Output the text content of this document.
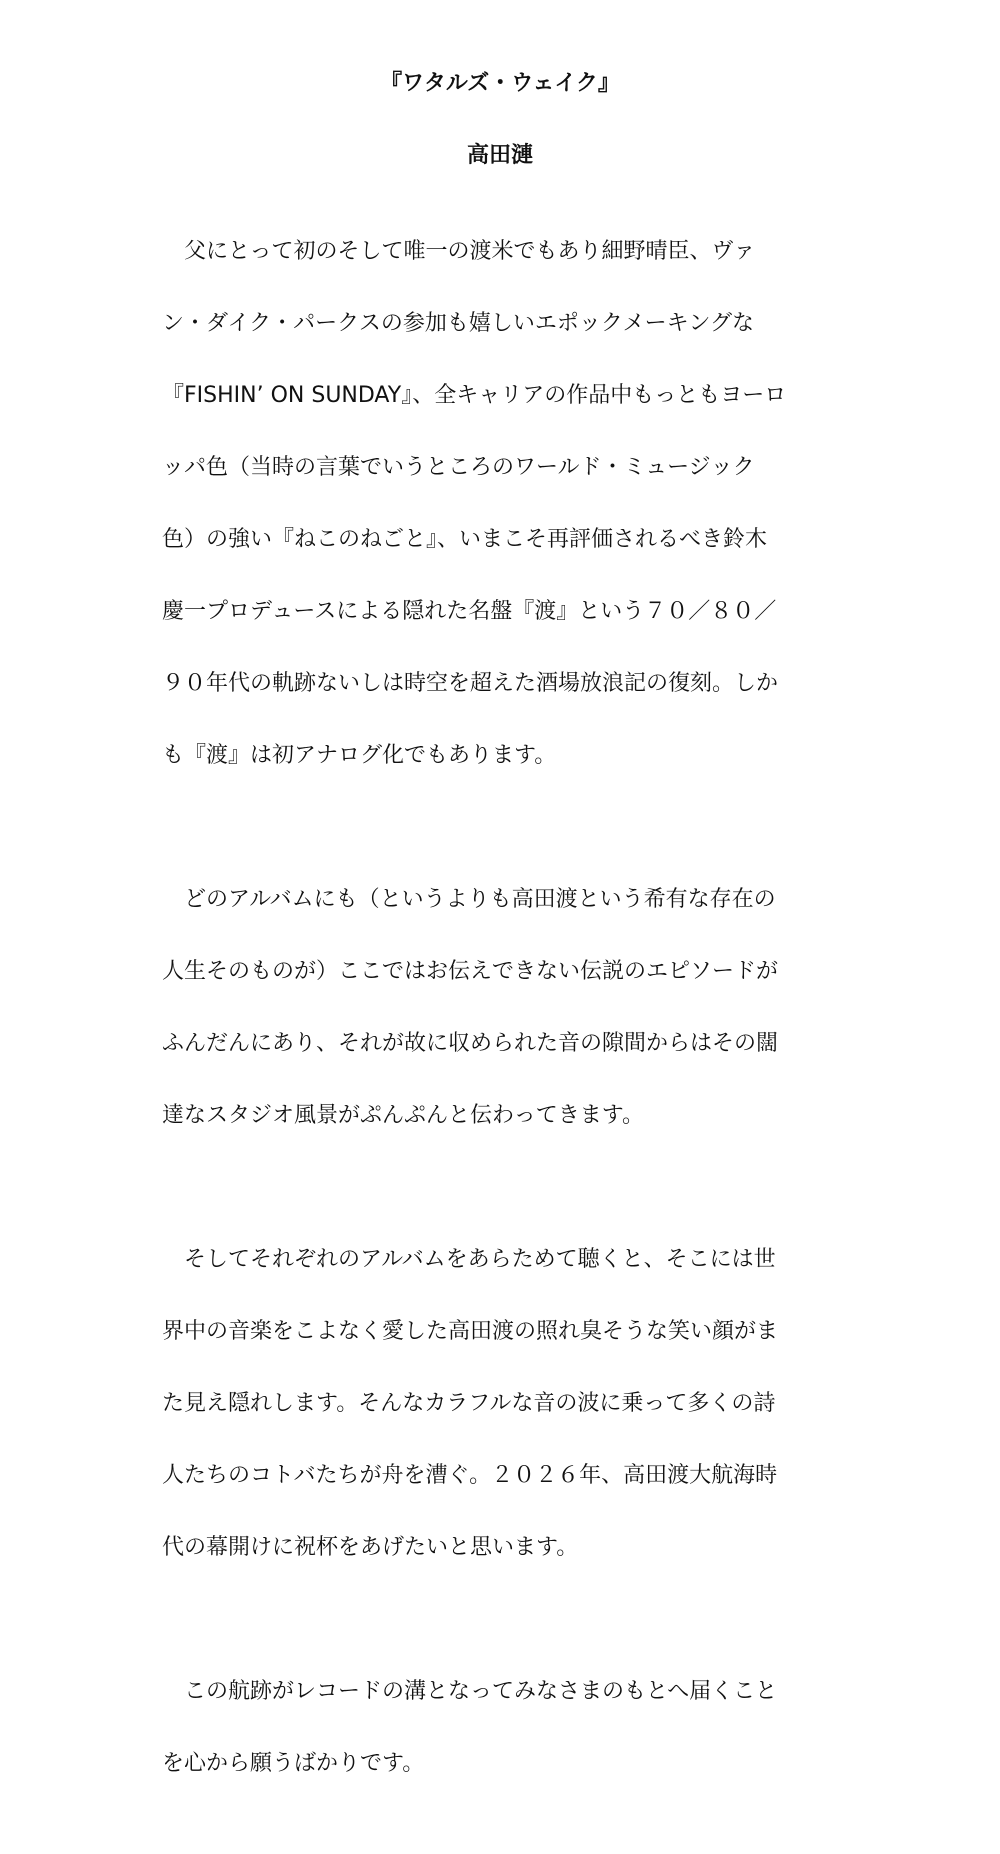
『ワタルズ・ウェイク』
高田漣

　父にとって初のそして唯一の渡米でもあり細野晴臣、ヴァ

ン・ダイク・パークスの参加も嬉しいエポックメーキングな

『FISHIN’ ON SUNDAY』、全キャリアの作品中もっともヨーロ

ッパ色（当時の言葉でいうところのワールド・ミュージック

色）の強い『ねこのねごと』、いまこそ再評価されるべき鈴木

慶一プロデュースによる隠れた名盤『渡』という７０／８０／

９０年代の軌跡ないしは時空を超えた酒場放浪記の復刻。しか

も『渡』は初アナログ化でもあります。

　どのアルバムにも（というよりも高田渡という希有な存在の

人生そのものが）ここではお伝えできない伝説のエピソードが

ふんだんにあり、それが故に収められた音の隙間からはその闊

達なスタジオ風景がぷんぷんと伝わってきます。

　そしてそれぞれのアルバムをあらためて聴くと、そこには世

界中の音楽をこよなく愛した高田渡の照れ臭そうな笑い顔がま

た見え隠れします。そんなカラフルな音の波に乗って多くの詩

人たちのコトバたちが舟を漕ぐ。２０２６年、高田渡大航海時

代の幕開けに祝杯をあげたいと思います。

　この航跡がレコードの溝となってみなさまのもとへ届くこと

を心から願うばかりです。
